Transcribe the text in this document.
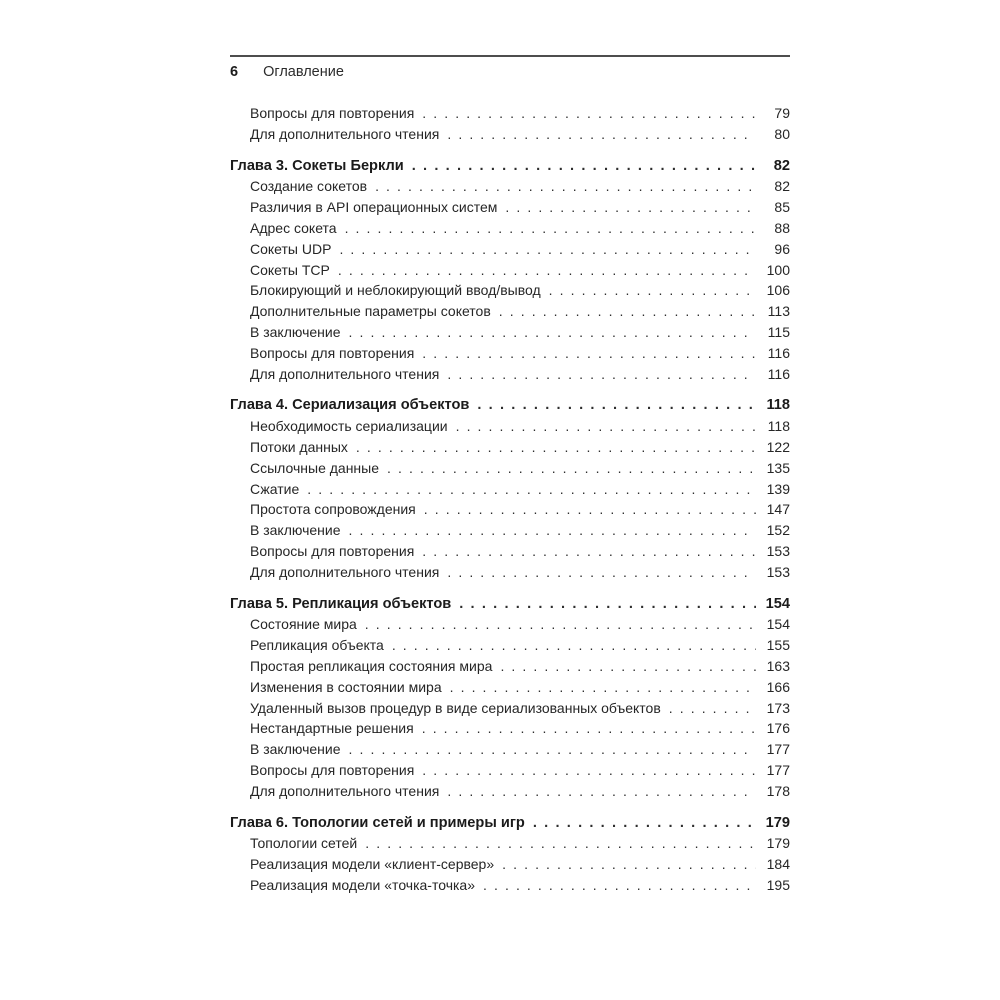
6 Оглавление
Вопросы для повторения . . .	79
Для дополнительного чтения . . .	80
Глава 3. Сокеты Беркли . . .	82
Создание сокетов . . .	82
Различия в API операционных систем . . .	85
Адрес сокета . . .	88
Сокеты UDP . . .	96
Сокеты TCP . . .	100
Блокирующий и неблокирующий ввод/вывод . . .	106
Дополнительные параметры сокетов . . .	113
В заключение . . .	115
Вопросы для повторения . . .	116
Для дополнительного чтения . . .	116
Глава 4. Сериализация объектов . . .	118
Необходимость сериализации . . .	118
Потоки данных . . .	122
Ссылочные данные . . .	135
Сжатие . . .	139
Простота сопровождения . . .	147
В заключение . . .	152
Вопросы для повторения . . .	153
Для дополнительного чтения . . .	153
Глава 5. Репликация объектов . . .	154
Состояние мира . . .	154
Репликация объекта . . .	155
Простая репликация состояния мира . . .	163
Изменения в состоянии мира . . .	166
Удаленный вызов процедур в виде сериализованных объектов . . .	173
Нестандартные решения . . .	176
В заключение . . .	177
Вопросы для повторения . . .	177
Для дополнительного чтения . . .	178
Глава 6. Топологии сетей и примеры игр . . .	179
Топологии сетей . . .	179
Реализация модели «клиент-сервер» . . .	184
Реализация модели «точка-точка» . . .	195
